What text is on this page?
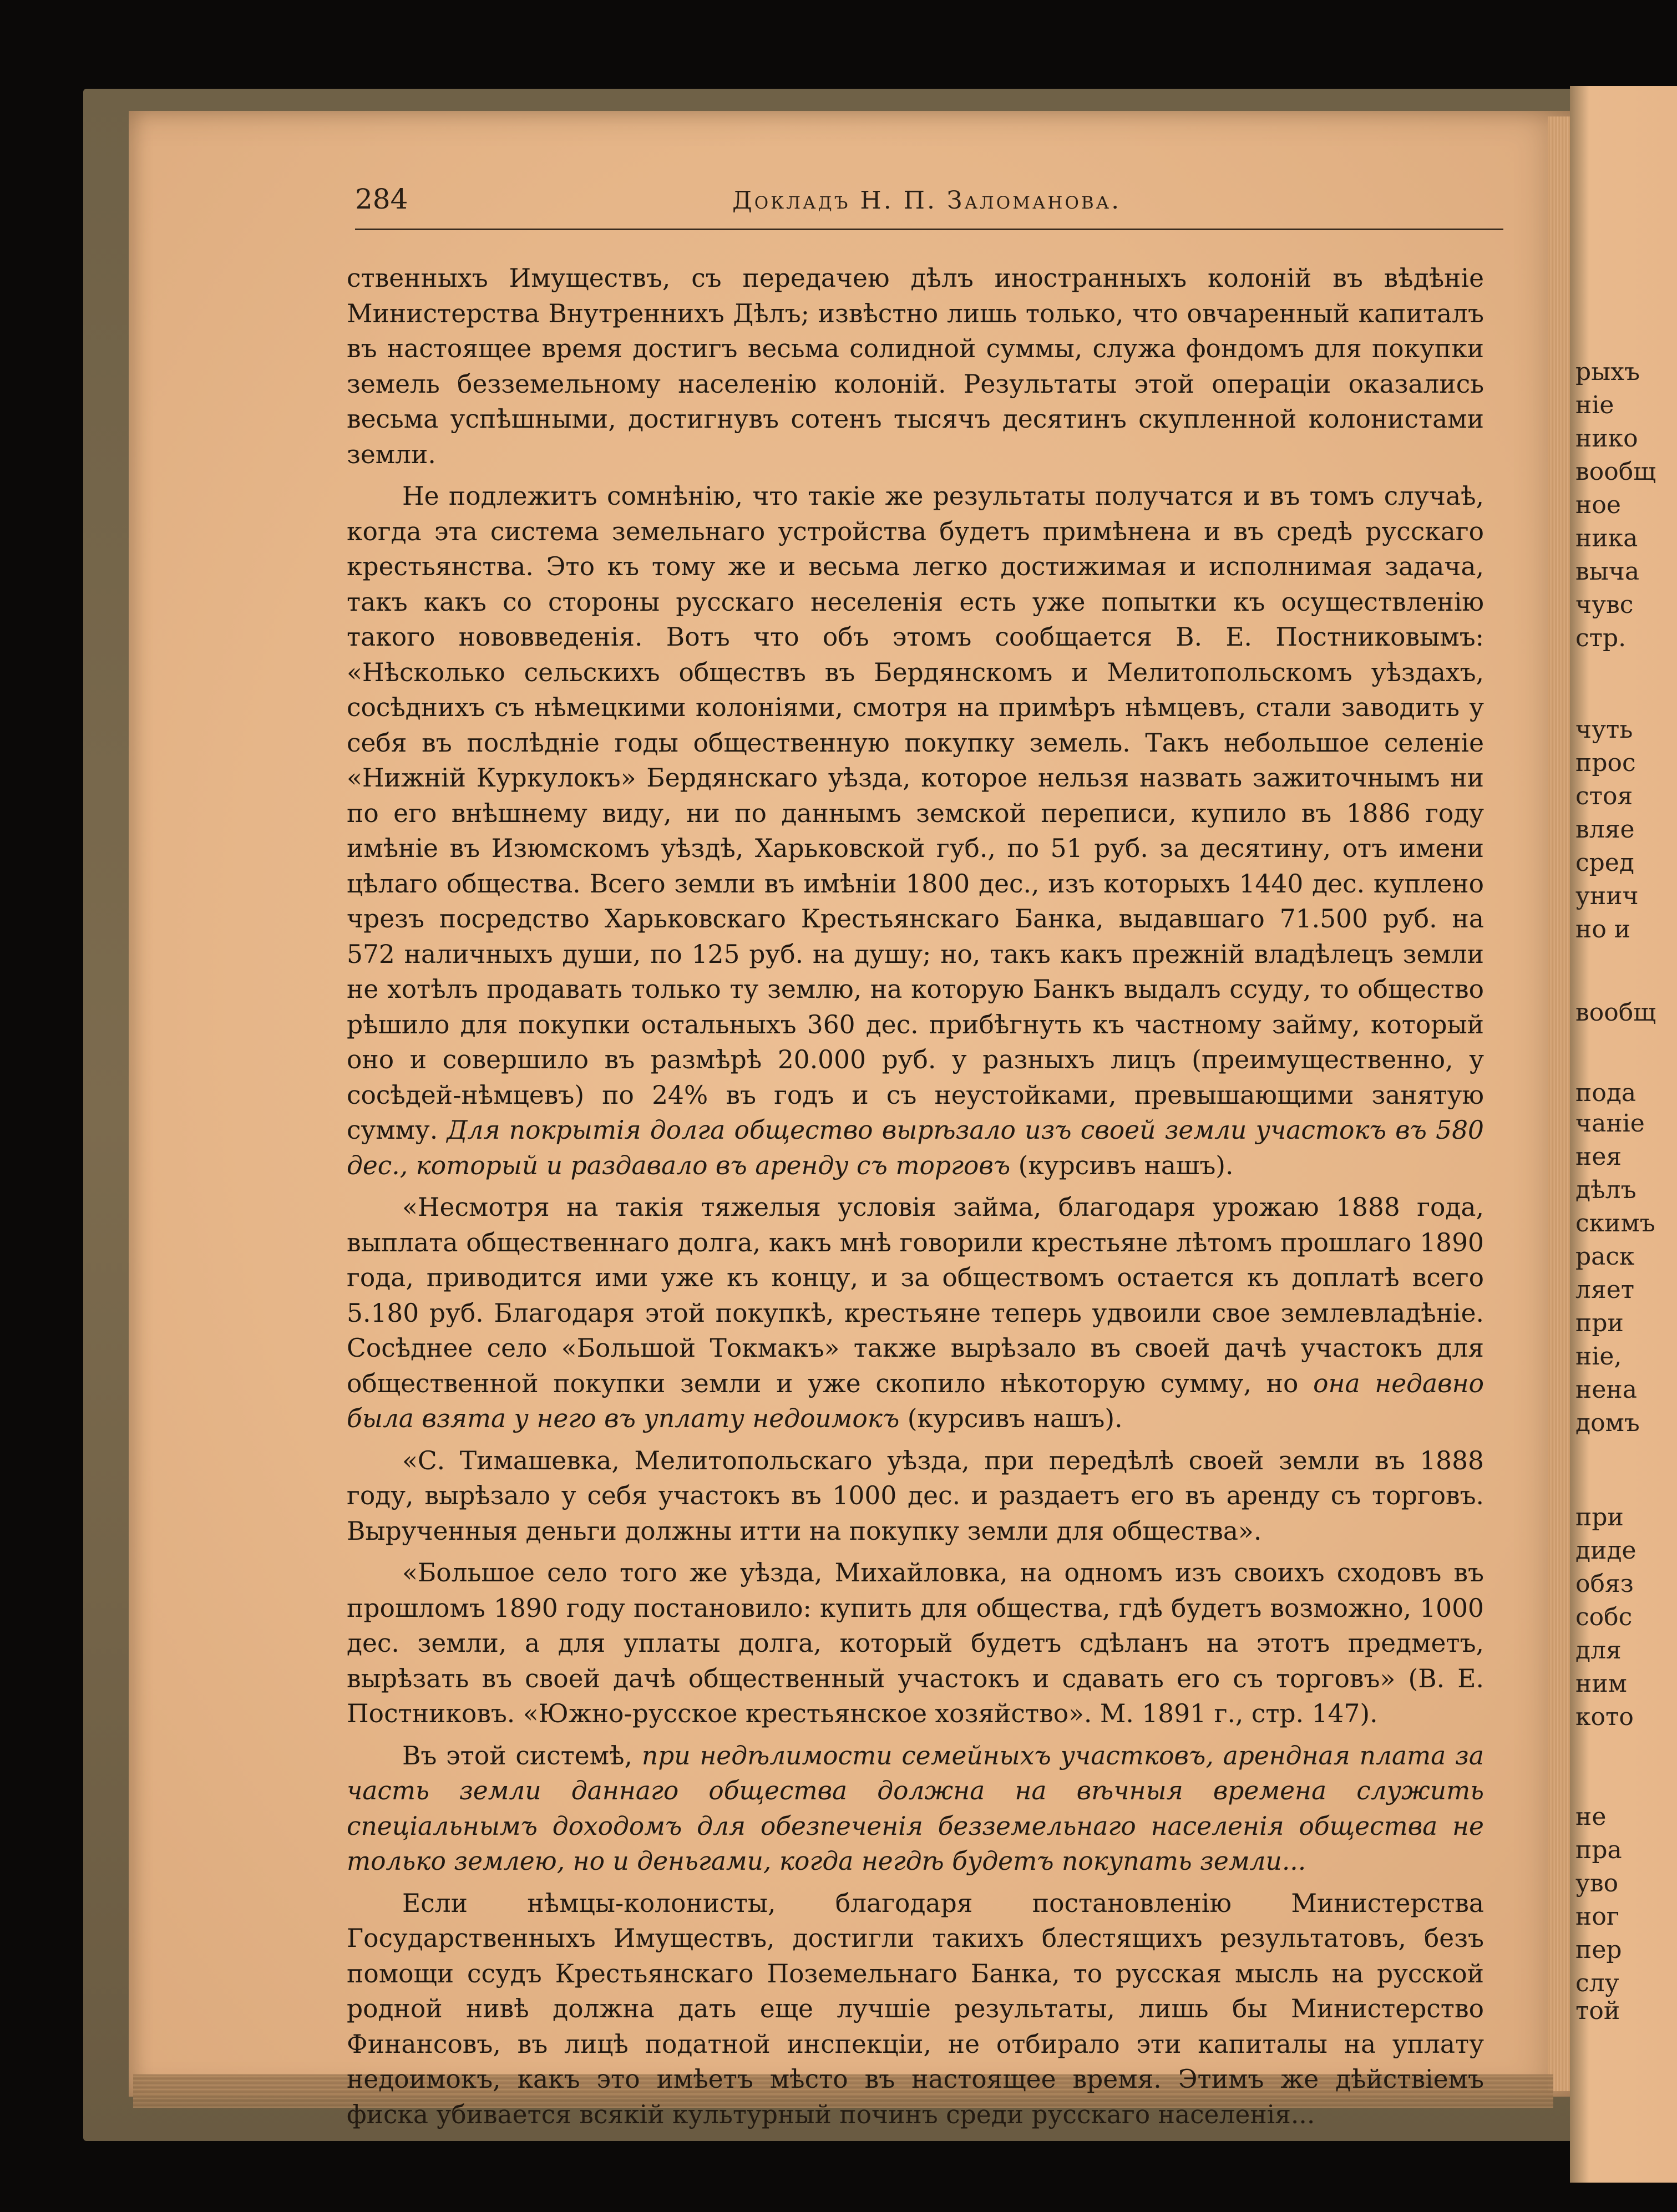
рыхъ
ніе
нико
вообщ
ное
ника
выча
чувс
стр.
чуть
прос
стоя
вляе
сред
унич
но и
вообщ
пода
чаніе
нея
дѣлъ
скимъ
раск
ляет
при
ніе,
нена
домъ
при
диде
обяз
собс
для
ним
кото
не
пра
уво
ног
пер
слу
той
284	Докладъ Н. П. Заломанова.

ственныхъ Имуществъ, съ передачею дѣлъ иностранныхъ колоній въ вѣдѣніе Министерства Внутреннихъ Дѣлъ; извѣстно лишь только, что овчаренный капиталъ въ настоящее время достигъ весьма солидной суммы, служа фондомъ для покупки земель безземельному населенію колоній. Результаты этой операціи оказались весьма успѣшными, достигнувъ сотенъ тысячъ десятинъ скупленной колонистами земли.

Не подлежитъ сомнѣнію, что такіе же результаты получатся и въ томъ случаѣ, когда эта система земельнаго устройства будетъ примѣнена и въ средѣ русскаго крестьянства. Это къ тому же и весьма легко достижимая и исполнимая задача, такъ какъ со стороны русскаго неселенія есть уже попытки къ осуществленію такого нововведенія. Вотъ что объ этомъ сообщается В. Е. Постниковымъ: «Нѣсколько сельскихъ обществъ въ Бердянскомъ и Мелитопольскомъ уѣздахъ, сосѣднихъ съ нѣмецкими колоніями, смотря на примѣръ нѣмцевъ, стали заводить у себя въ послѣдніе годы общественную покупку земель. Такъ небольшое селеніе «Нижній Куркулокъ» Бердянскаго уѣзда, которое нельзя назвать зажиточнымъ ни по его внѣшнему виду, ни по даннымъ земской переписи, купило въ 1886 году имѣніе въ Изюмскомъ уѣздѣ, Харьковской губ., по 51 руб. за десятину, отъ имени цѣлаго общества. Всего земли въ имѣніи 1800 дес., изъ которыхъ 1440 дес. куплено чрезъ посредство Харьковскаго Крестьянскаго Банка, выдавшаго 71.500 руб. на 572 наличныхъ души, по 125 руб. на душу; но, такъ какъ прежній владѣлецъ земли не хотѣлъ продавать только ту землю, на которую Банкъ выдалъ ссуду, то общество рѣшило для покупки остальныхъ 360 дес. прибѣгнуть къ частному займу, который оно и совершило въ размѣрѣ 20.000 руб. у разныхъ лицъ (преимущественно, у сосѣдей-нѣмцевъ) по 24% въ годъ и съ неустойками, превышающими занятую сумму. Для покрытія долга общество вырѣзало изъ своей земли участокъ въ 580 дес., который и раздавало въ аренду съ торговъ (курсивъ нашъ).

«Несмотря на такія тяжелыя условія займа, благодаря урожаю 1888 года, выплата общественнаго долга, какъ мнѣ говорили крестьяне лѣтомъ прошлаго 1890 года, приводится ими уже къ концу, и за обществомъ остается къ доплатѣ всего 5.180 руб. Благодаря этой покупкѣ, крестьяне теперь удвоили свое землевладѣніе. Сосѣднее село «Большой Токмакъ» также вырѣзало въ своей дачѣ участокъ для общественной покупки земли и уже скопило нѣкоторую сумму, но она недавно была взята у него въ уплату недоимокъ (курсивъ нашъ).

«С. Тимашевка, Мелитопольскаго уѣзда, при передѣлѣ своей земли въ 1888 году, вырѣзало у себя участокъ въ 1000 дес. и раздаетъ его въ аренду съ торговъ. Вырученныя деньги должны итти на покупку земли для общества».

«Большое село того же уѣзда, Михайловка, на одномъ изъ своихъ сходовъ въ прошломъ 1890 году постановило: купить для общества, гдѣ будетъ возможно, 1000 дес. земли, а для уплаты долга, который будетъ сдѣланъ на этотъ предметъ, вырѣзать въ своей дачѣ общественный участокъ и сдавать его съ торговъ» (В. Е. Постниковъ. «Южно-русское крестьянское хозяйство». М. 1891 г., стр. 147).

Въ этой системѣ, при недѣлимости семейныхъ участковъ, арендная плата за часть земли даннаго общества должна на вѣчныя времена служить спеціальнымъ доходомъ для обезпеченія безземельнаго населенія общества не только землею, но и деньгами, когда негдѣ будетъ покупать земли...

Если нѣмцы-колонисты, благодаря постановленію Министерства Государственныхъ Имуществъ, достигли такихъ блестящихъ результатовъ, безъ помощи ссудъ Крестьянскаго Поземельнаго Банка, то русская мысль на русской родной нивѣ должна дать еще лучшіе результаты, лишь бы Министерство Финансовъ, въ лицѣ податной инспекціи, не отбирало эти капиталы на уплату недоимокъ, какъ это имѣетъ мѣсто въ настоящее время. Этимъ же дѣйствіемъ фиска убивается всякій культурный починъ среди русскаго населенія...
